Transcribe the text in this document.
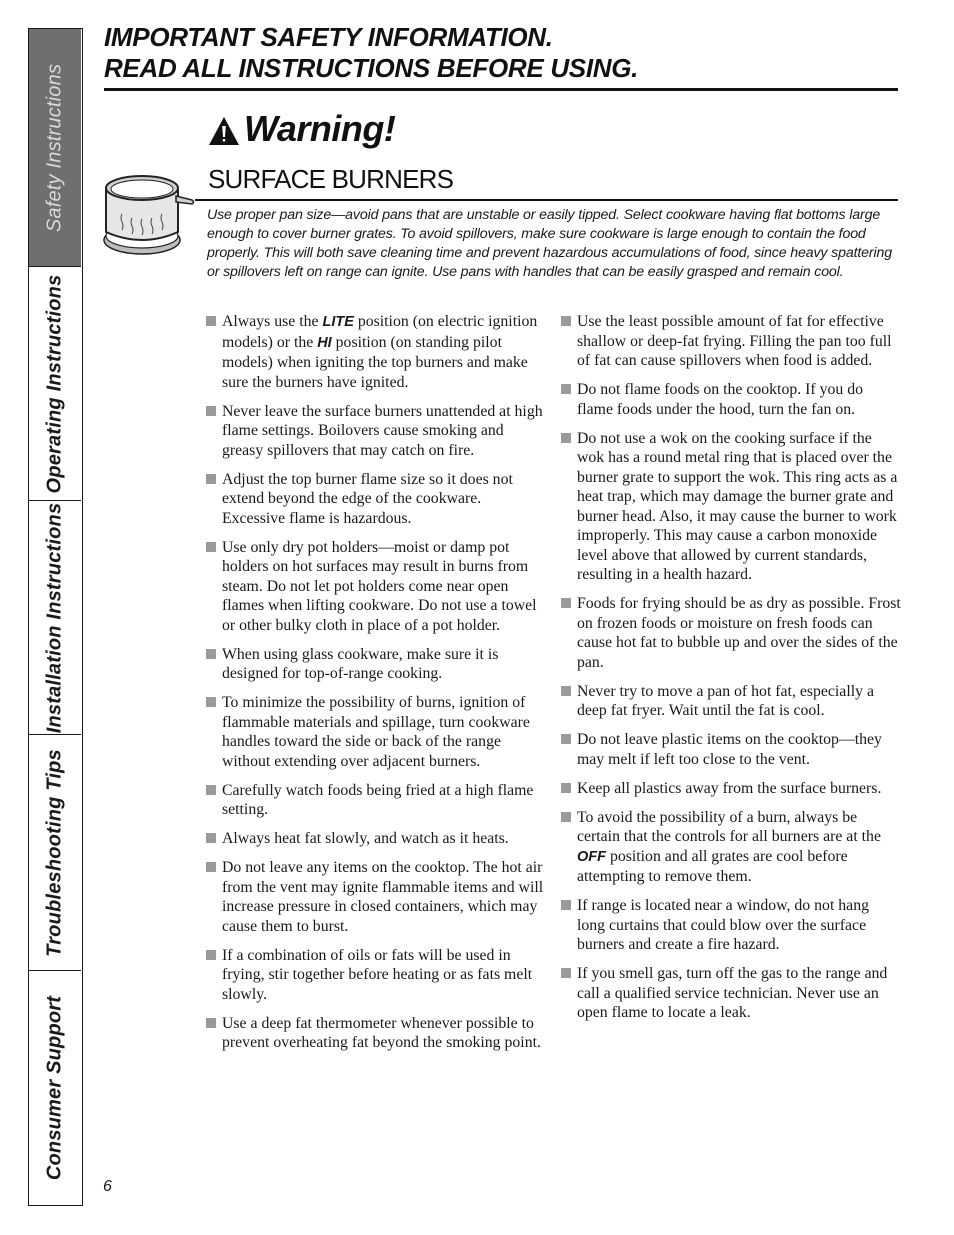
Safety Instructions
Operating Instructions
Installation Instructions
Troubleshooting Tips
Consumer Support
IMPORTANT SAFETY INFORMATION.
READ ALL INSTRUCTIONS BEFORE USING.
Warning!
SURFACE BURNERS

Use proper pan size—avoid pans that are unstable or easily tipped. Select cookware having flat bottoms large enough to cover burner grates. To avoid spillovers, make sure cookware is large enough to contain the food properly. This will both save cleaning time and prevent hazardous accumulations of food, since heavy spattering or spillovers left on range can ignite. Use pans with handles that can be easily grasped and remain cool.

Always use the LITE position (on electric ignition models) or the HI position (on standing pilot models) when igniting the top burners and make sure the burners have ignited.
Never leave the surface burners unattended at high flame settings. Boilovers cause smoking and greasy spillovers that may catch on fire.
Adjust the top burner flame size so it does not extend beyond the edge of the cookware. Excessive flame is hazardous.
Use only dry pot holders—moist or damp pot holders on hot surfaces may result in burns from steam. Do not let pot holders come near open flames when lifting cookware. Do not use a towel or other bulky cloth in place of a pot holder.
When using glass cookware, make sure it is designed for top-of-range cooking.
To minimize the possibility of burns, ignition of flammable materials and spillage, turn cookware handles toward the side or back of the range without extending over adjacent burners.
Carefully watch foods being fried at a high flame setting.
Always heat fat slowly, and watch as it heats.
Do not leave any items on the cooktop. The hot air from the vent may ignite flammable items and will increase pressure in closed containers, which may cause them to burst.
If a combination of oils or fats will be used in frying, stir together before heating or as fats melt slowly.
Use a deep fat thermometer whenever possible to prevent overheating fat beyond the smoking point.
Use the least possible amount of fat for effective shallow or deep-fat frying. Filling the pan too full of fat can cause spillovers when food is added.
Do not flame foods on the cooktop. If you do flame foods under the hood, turn the fan on.
Do not use a wok on the cooking surface if the wok has a round metal ring that is placed over the burner grate to support the wok. This ring acts as a heat trap, which may damage the burner grate and burner head. Also, it may cause the burner to work improperly. This may cause a carbon monoxide level above that allowed by current standards, resulting in a health hazard.
Foods for frying should be as dry as possible. Frost on frozen foods or moisture on fresh foods can cause hot fat to bubble up and over the sides of the pan.
Never try to move a pan of hot fat, especially a deep fat fryer. Wait until the fat is cool.
Do not leave plastic items on the cooktop—they may melt if left too close to the vent.
Keep all plastics away from the surface burners.
To avoid the possibility of a burn, always be certain that the controls for all burners are at the OFF position and all grates are cool before attempting to remove them.
If range is located near a window, do not hang long curtains that could blow over the surface burners and create a fire hazard.
If you smell gas, turn off the gas to the range and call a qualified service technician. Never use an open flame to locate a leak.
6
